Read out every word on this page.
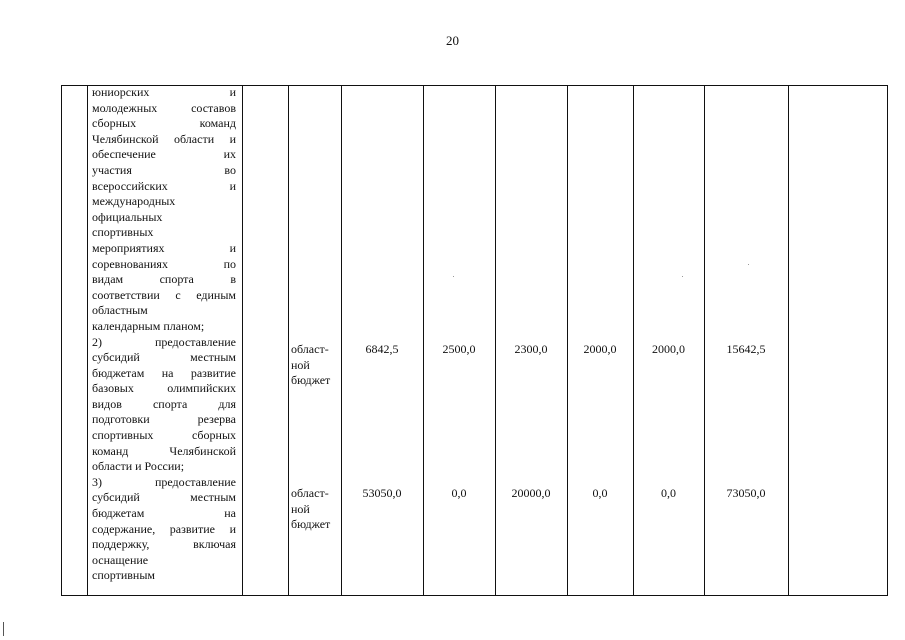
20
юниорских и
молодежных составов
сборных команд
Челябинской области и
обеспечение их
участия во
всероссийских и
международных
официальных
спортивных
мероприятиях и
соревнованиях по
видам спорта в
соответствии с единым
областным
календарным планом;
2) предоставление
субсидий местным
бюджетам на развитие
базовых олимпийских
видов спорта для
подготовки резерва
спортивных сборных
команд Челябинской
области и России;
3) предоставление
субсидий местным
бюджетам на
содержание, развитие и
поддержку, включая
оснащение
спортивным
област-
ной
бюджет
6842,5	2500,0	2300,0	2000,0	2000,0	15642,5
област-
ной
бюджет
53050,0	0,0	20000,0	0,0	0,0	73050,0
